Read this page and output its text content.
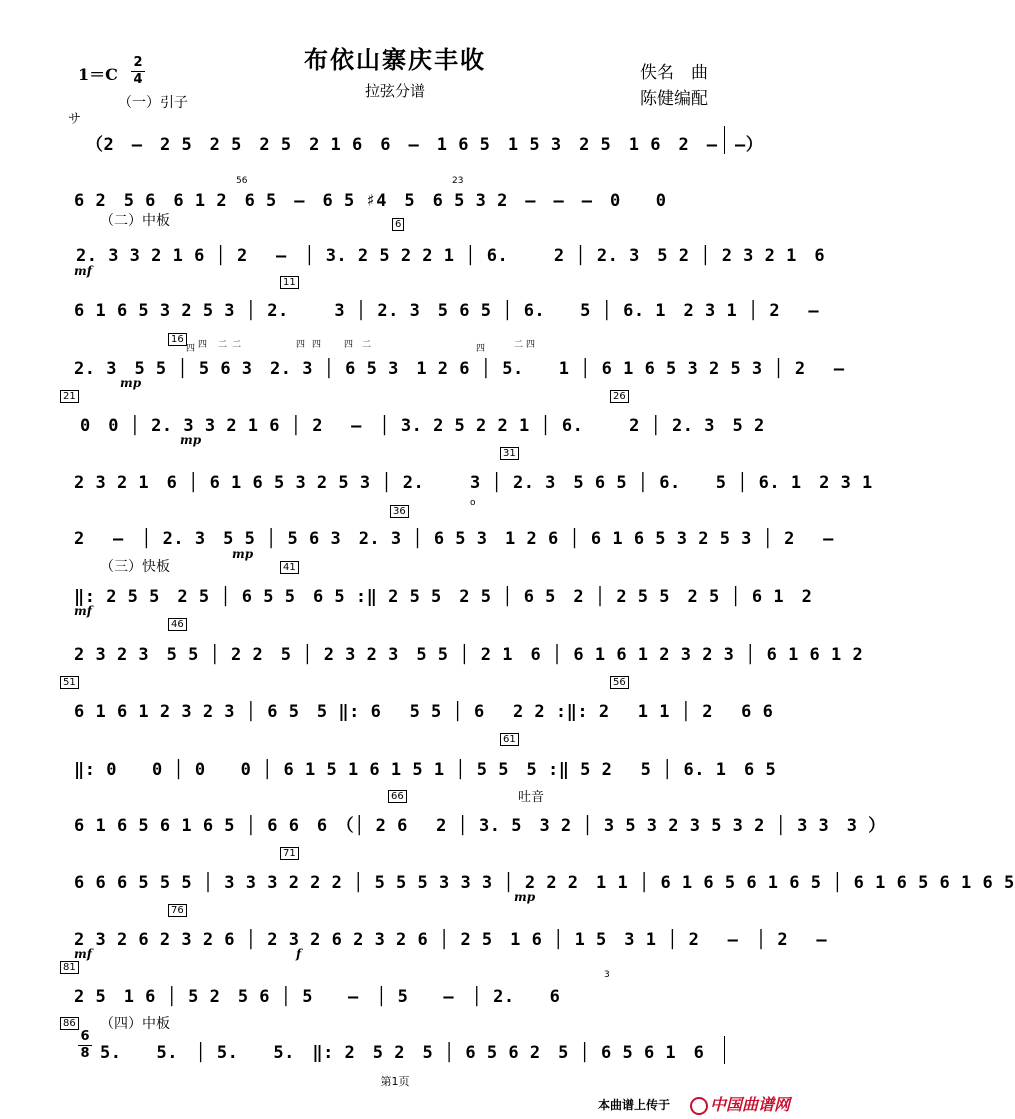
布依山寨庆丰收
拉弦分谱
1＝C
2
4	佚名　曲
陈健编配
（一）引子
サ
（二）中板
（三）快板
（四）中板
吐音
6
8
（2　–　2 5　2 5　2 5　2 1 6　6　–　1 6 5　1 5 3　2 5　1 6　2　–　–）
6 2　5 6　6 1 2　6 5　–　6 5 ♯4　5　6 5 3 2　–　–　–　0　　0
2. 3 3 2 1 6 │ 2　 –　│ 3. 2 5 2 2 1 │ 6.　　 2 │ 2. 3　5 2 │ 2 3 2 1　6
6 1 6 5 3 2 5 3 │ 2.　　 3 │ 2. 3　5 6 5 │ 6.　　5 │ 6. 1　2 3 1 │ 2　 –
2. 3　5 5 │ 5 6 3　2. 3 │ 6 5 3　1 2 6 │ 5.　　1 │ 6 1 6 5 3 2 5 3 │ 2　 –
0　0 │ 2. 3 3 2 1 6 │ 2　 –　│ 3. 2 5 2 2 1 │ 6.　　 2 │ 2. 3　5 2
2 3 2 1　6 │ 6 1 6 5 3 2 5 3 │ 2.　　 3 │ 2. 3　5 6 5 │ 6.　　5 │ 6. 1　2 3 1
2　 –　│ 2. 3　5 5 │ 5 6 3　2. 3 │ 6 5 3　1 2 6 │ 6 1 6 5 3 2 5 3 │ 2　 –
‖: 2 5 5　2 5 │ 6 5 5　6 5 :‖ 2 5 5　2 5 │ 6 5　2 │ 2 5 5　2 5 │ 6 1　2
2 3 2 3　5 5 │ 2 2　5 │ 2 3 2 3　5 5 │ 2 1　6 │ 6 1 6 1 2 3 2 3 │ 6 1 6 1 2
6 1 6 1 2 3 2 3 │ 6 5　5 ‖: 6　 5 5 │ 6　 2 2 :‖: 2　 1 1 │ 2　 6 6
‖: 0　　0 │ 0　　0 │ 6 1 5 1 6 1 5 1 │ 5 5　5 :‖ 5 2　 5 │ 6. 1　6 5
6 1 6 5 6 1 6 5 │ 6 6　6　（│ 2 6　 2 │ 3. 5　3 2 │ 3 5 3 2 3 5 3 2 │ 3 3　3 ）
6 6 6 5 5 5 │ 3 3 3 2 2 2 │ 5 5 5 3 3 3 │ 2 2 2　1 1 │ 6 1 6 5 6 1 6 5 │ 6 1 6 5 6 1 6 5
2 3 2 6 2 3 2 6 │ 2 3 2 6 2 3 2 6 │ 2 5　1 6 │ 1 5　3 1 │ 2　 –　│ 2　 –
2 5　1 6 │ 5 2　5 6 │ 5　　–　│ 5　　–　│ 2.　　6
5.　　5.　│ 5.　　5.　‖: 2　5 2　5 │ 6 5 6 2　5 │ 6 5 6 1　6
6
11
16
21	26
31
36
41
46
51	56
61
66
71
76
81
86
mf
mp
mp
mp
mf
mp
mf	f
56	23
3
四 二	四	四 二	四	四
二
四
二
四
o
第1页
本曲谱上传于	中国曲谱网
